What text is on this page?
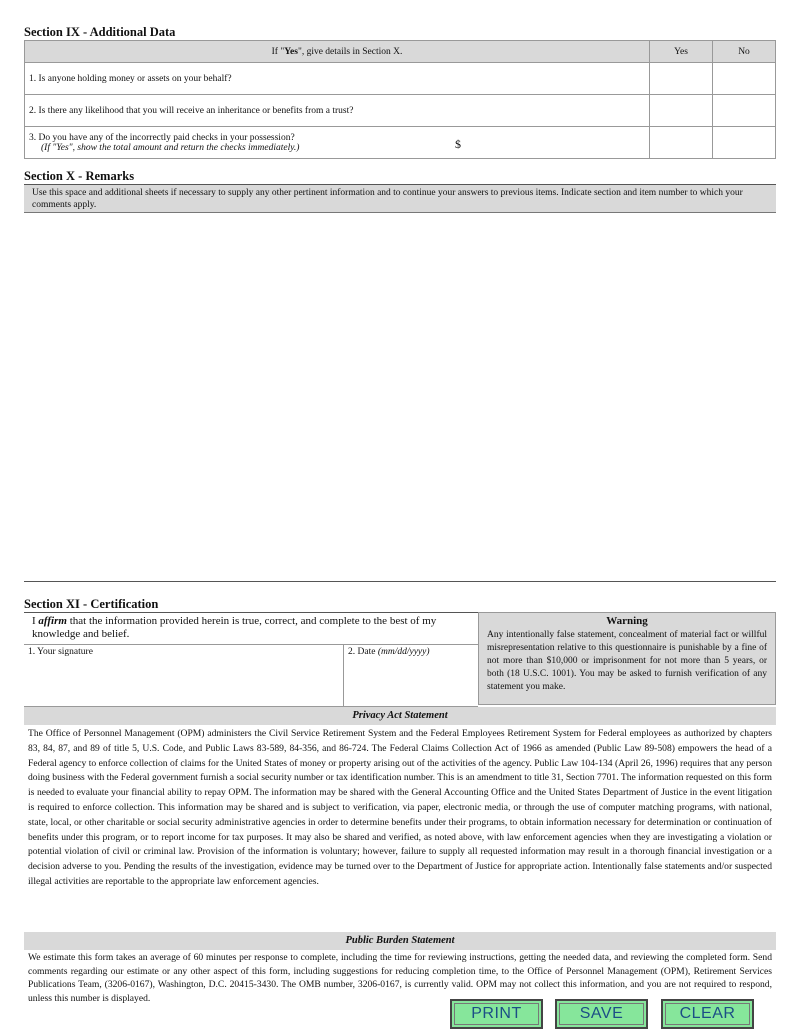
Section IX - Additional Data
If "Yes", give details in Section X.	Yes	No
1. Is anyone holding money or assets on your behalf?		
2. Is there any likelihood that you will receive an inheritance or benefits from a trust?		
3. Do you have any of the incorrectly paid checks in your possession?
(If "Yes", show the total amount and return the checks immediately.) $		

Section X - Remarks
Use this space and additional sheets if necessary to supply any other pertinent information and to continue your answers to previous items. Indicate section and item number to which your comments apply.
Section XI - Certification
I affirm that the information provided herein is true, correct, and complete to the best of my knowledge and belief.
1. Your signature	2. Date (mm/dd/yyyy)
Warning
Any intentionally false statement, concealment of material fact or willful misrepresentation relative to this questionnaire is punishable by a fine of not more than $10,000 or imprisonment for not more than 5 years, or both (18 U.S.C. 1001). You may be asked to furnish verification of any statement you make.
Privacy Act Statement
The Office of Personnel Management (OPM) administers the Civil Service Retirement System and the Federal Employees Retirement System for Federal employees as authorized by chapters 83, 84, 87, and 89 of title 5, U.S. Code, and Public Laws 83-589, 84-356, and 86-724. The Federal Claims Collection Act of 1966 as amended (Public Law 89-508) empowers the head of a Federal agency to enforce collection of claims for the United States of money or property arising out of the activities of the agency. Public Law 104-134 (April 26, 1996) requires that any person doing business with the Federal government furnish a social security number or tax identification number. This is an amendment to title 31, Section 7701. The information requested on this form is needed to evaluate your financial ability to repay OPM. The information may be shared with the General Accounting Office and the United States Department of Justice in the event litigation is required to enforce collection. This information may be shared and is subject to verification, via paper, electronic media, or through the use of computer matching programs, with national, state, local, or other charitable or social security administrative agencies in order to determine benefits under their programs, to obtain information necessary for determination or continuation of benefits under this program, or to report income for tax purposes. It may also be shared and verified, as noted above, with law enforcement agencies when they are investigating a violation or potential violation of civil or criminal law. Provision of the information is voluntary; however, failure to supply all requested information may result in a thorough financial investigation or a decision adverse to you. Pending the results of the investigation, evidence may be turned over to the Department of Justice for appropriate action. Intentionally false statements and/or suspected illegal activities are reportable to the appropriate law enforcement agencies.
Public Burden Statement
We estimate this form takes an average of 60 minutes per response to complete, including the time for reviewing instructions, getting the needed data, and reviewing the completed form. Send comments regarding our estimate or any other aspect of this form, including suggestions for reducing completion time, to the Office of Personnel Management (OPM), Retirement Services Publications Team, (3206-0167), Washington, D.C. 20415-3430. The OMB number, 3206-0167, is currently valid. OPM may not collect this information, and you are not required to respond, unless this number is displayed.
PRINT	SAVE	CLEAR
